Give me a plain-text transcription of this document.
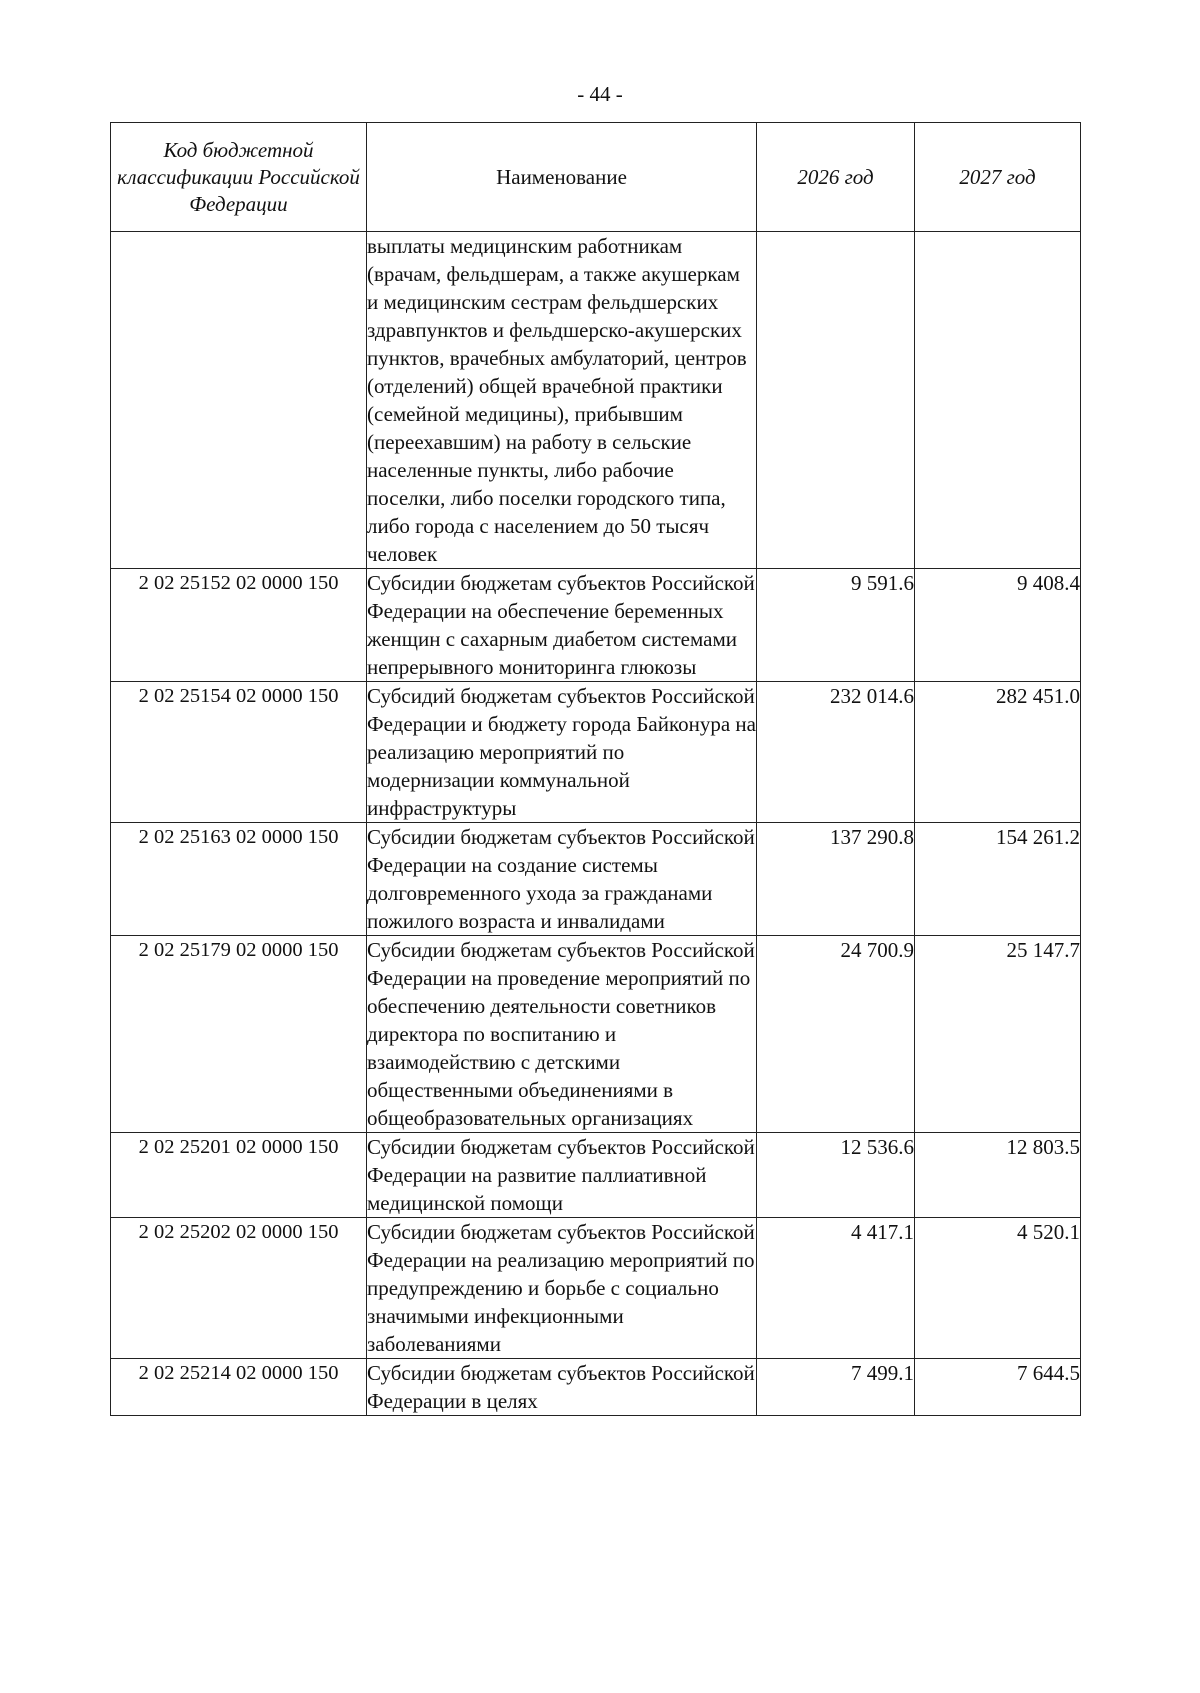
- 44 -
Код бюджетной классификации Российской Федерации	Наименование	2026 год	2027 год
	выплаты медицинским работникам (врачам, фельдшерам, а также акушеркам и медицинским сестрам фельдшерских здравпунктов и фельдшерско-акушерских пунктов, врачебных амбулаторий, центров (отделений) общей врачебной практики (семейной медицины), прибывшим (переехавшим) на работу в сельские населенные пункты, либо рабочие поселки, либо поселки городского типа, либо города с населением до 50 тысяч человек		
2 02 25152 02 0000 150	Субсидии бюджетам субъектов Российской Федерации на обеспечение беременных женщин с сахарным диабетом системами непрерывного мониторинга глюкозы	9 591.6	9 408.4
2 02 25154 02 0000 150	Субсидий бюджетам субъектов Российской Федерации и бюджету города Байконура на реализацию мероприятий по модернизации коммунальной инфраструктуры	232 014.6	282 451.0
2 02 25163 02 0000 150	Субсидии бюджетам субъектов Российской Федерации на создание системы долговременного ухода за гражданами пожилого возраста и инвалидами	137 290.8	154 261.2
2 02 25179 02 0000 150	Субсидии бюджетам субъектов Российской Федерации на проведение мероприятий по обеспечению деятельности советников директора по воспитанию и взаимодействию с детскими общественными объединениями в общеобразовательных организациях	24 700.9	25 147.7
2 02 25201 02 0000 150	Субсидии бюджетам субъектов Российской Федерации на развитие паллиативной медицинской помощи	12 536.6	12 803.5
2 02 25202 02 0000 150	Субсидии бюджетам субъектов Российской Федерации на реализацию мероприятий по предупреждению и борьбе с социально значимыми инфекционными заболеваниями	4 417.1	4 520.1
2 02 25214 02 0000 150	Субсидии бюджетам субъектов Российской Федерации в целях	7 499.1	7 644.5
